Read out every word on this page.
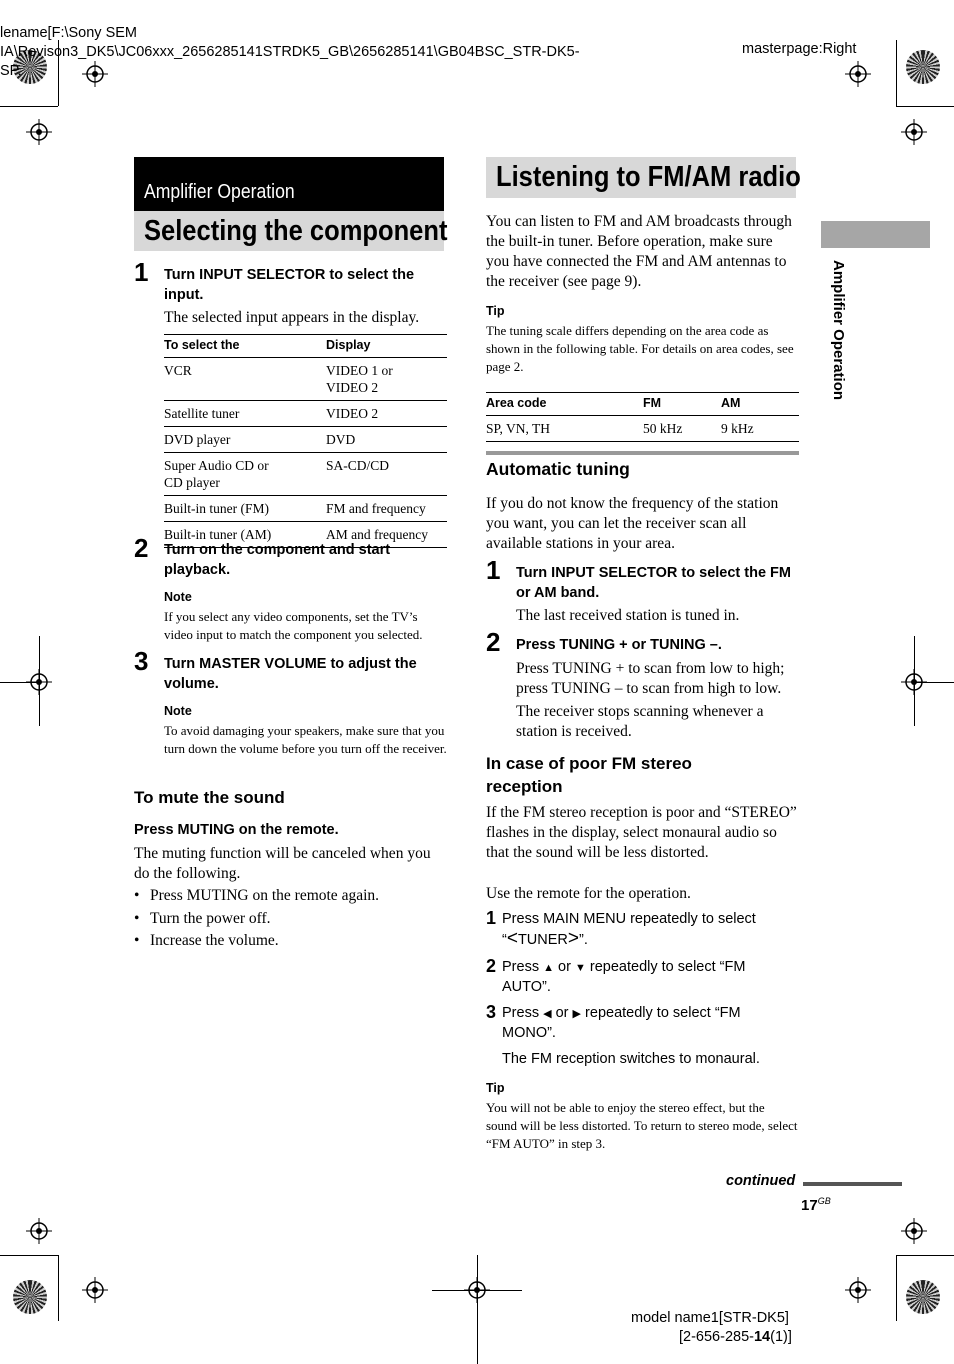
lename[F:\Sony SEM
IA\Revison3_DK5\JC06xxx_2656285141STRDK5_GB\2656285141\GB04BSC_STR-DK5-
SP.
masterpage:Right
Amplifier Operation
Amplifier Operation
Selecting the component
1 Turn INPUT SELECTOR to select the input.
The selected input appears in the display.
To select the	Display
VCR	VIDEO 1 or VIDEO 2
Satellite tuner	VIDEO 2
DVD player	DVD
Super Audio CD or CD player	SA-CD/CD
Built-in tuner (FM)	FM and frequency
Built-in tuner (AM)	AM and frequency
2 Turn on the component and start playback.
Note
If you select any video components, set the TV’s video input to match the component you selected.
3 Turn MASTER VOLUME to adjust the volume.
Note
To avoid damaging your speakers, make sure that you turn down the volume before you turn off the receiver.
To mute the sound
Press MUTING on the remote.
The muting function will be canceled when you do the following.
• Press MUTING on the remote again.
• Turn the power off.
• Increase the volume.
Listening to FM/AM radio
You can listen to FM and AM broadcasts through the built-in tuner. Before operation, make sure you have connected the FM and AM antennas to the receiver (see page 9).
Tip
The tuning scale differs depending on the area code as shown in the following table. For details on area codes, see page 2.
Area code	FM	AM
SP, VN, TH	50 kHz	9 kHz
Automatic tuning
If you do not know the frequency of the station you want, you can let the receiver scan all available stations in your area.
1 Turn INPUT SELECTOR to select the FM or AM band.
The last received station is tuned in.
2 Press TUNING + or TUNING –.
Press TUNING + to scan from low to high; press TUNING – to scan from high to low.
The receiver stops scanning whenever a station is received.
In case of poor FM stereo reception
If the FM stereo reception is poor and “STEREO” flashes in the display, select monaural audio so that the sound will be less distorted.
Use the remote for the operation.
1 Press MAIN MENU repeatedly to select
“<TUNER>”.
2 Press ▲ or ▼ repeatedly to select “FM
AUTO”.
3 Press ◀ or ▶ repeatedly to select “FM
MONO”.
The FM reception switches to monaural.
Tip
You will not be able to enjoy the stereo effect, but the sound will be less distorted. To return to stereo mode, select “FM AUTO” in step 3.
continued
$17^{GB}$
model name1[STR-DK5]
[2-656-285-14(1)]
